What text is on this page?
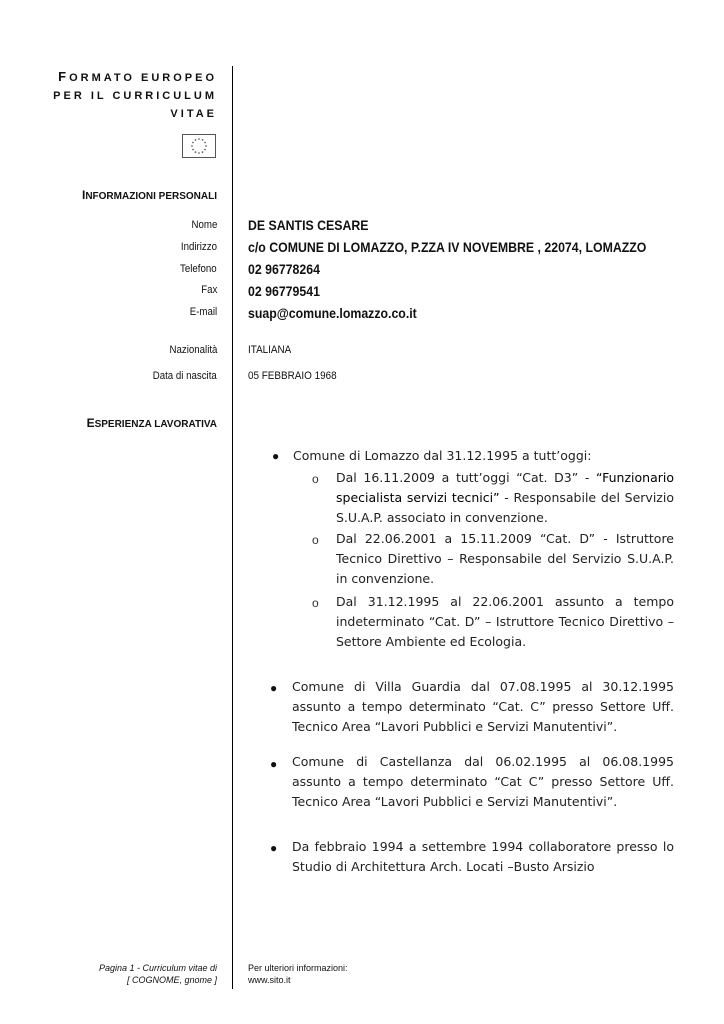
FORMATO EUROPEO
PER IL CURRICULUM
VITAE
INFORMAZIONI PERSONALI
Nome DE SANTIS CESARE
Indirizzo c/o COMUNE DI LOMAZZO, P.ZZA IV NOVEMBRE , 22074, LOMAZZO
Telefono 02 96778264
Fax 02 96779541
E-mail suap@comune.lomazzo.co.it
Nazionalità	ITALIANA
Data di nascita	05 FEBBRAIO 1968
ESPERIENZA LAVORATIVA
● Comune di Lomazzo dal 31.12.1995 a tutt’oggi:
o Dal 16.11.2009 a tutt’oggi “Cat. D3” - “Funzionario specialista servizi tecnici” - Responsabile del Servizio S.U.A.P. associato in convenzione.
o Dal 22.06.2001 a 15.11.2009 “Cat. D” - Istruttore Tecnico Direttivo – Responsabile del Servizio S.U.A.P. in convenzione.
o Dal 31.12.1995 al 22.06.2001 assunto a tempo indeterminato “Cat. D” – Istruttore Tecnico Direttivo – Settore Ambiente ed Ecologia.
● Comune di Villa Guardia dal 07.08.1995 al 30.12.1995 assunto a tempo determinato “Cat. C” presso Settore Uff. Tecnico Area “Lavori Pubblici e Servizi Manutentivi”.
● Comune di Castellanza dal 06.02.1995 al 06.08.1995 assunto a tempo determinato “Cat C” presso Settore Uff. Tecnico Area “Lavori Pubblici e Servizi Manutentivi”.
● Da febbraio 1994 a settembre 1994 collaboratore presso lo Studio di Architettura Arch. Locati –Busto Arsizio
Pagina 1 - Curriculum vitae di
[ COGNOME, gnome ]
Per ulteriori informazioni:
www.sito.it
